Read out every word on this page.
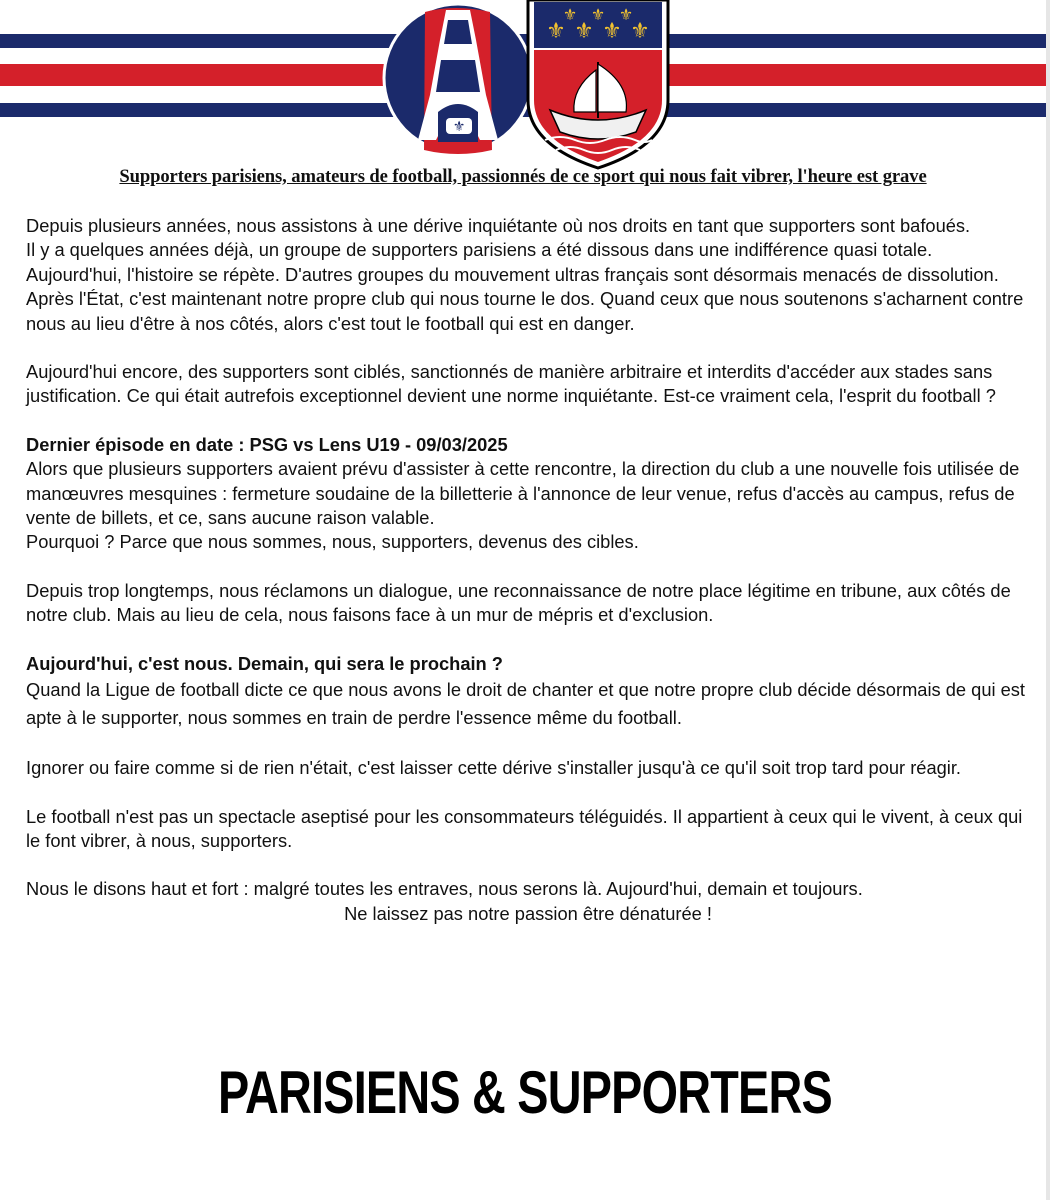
⚜
⚜ ⚜ ⚜ ⚜
⚜ ⚜ ⚜
Supporters parisiens, amateurs de football, passionnés de ce sport qui nous fait vibrer, l'heure est grave

Depuis plusieurs années, nous assistons à une dérive inquiétante où nos droits en tant que supporters sont bafoués.

Il y a quelques années déjà, un groupe de supporters parisiens a été dissous dans une indifférence quasi totale. Aujourd'hui, l'histoire se répète. D'autres groupes du mouvement ultras français sont désormais menacés de dissolution. Après l'État, c'est maintenant notre propre club qui nous tourne le dos. Quand ceux que nous soutenons s'acharnent contre nous au lieu d'être à nos côtés, alors c'est tout le football qui est en danger.

Aujourd'hui encore, des supporters sont ciblés, sanctionnés de manière arbitraire et interdits d'accéder aux stades sans justification. Ce qui était autrefois exceptionnel devient une norme inquiétante. Est-ce vraiment cela, l'esprit du football ?

Dernier épisode en date : PSG vs Lens U19 - 09/03/2025

Alors que plusieurs supporters avaient prévu d'assister à cette rencontre, la direction du club a une nouvelle fois utilisée de manœuvres mesquines : fermeture soudaine de la billetterie à l'annonce de leur venue, refus d'accès au campus, refus de vente de billets, et ce, sans aucune raison valable.

Pourquoi ? Parce que nous sommes, nous, supporters, devenus des cibles.

Depuis trop longtemps, nous réclamons un dialogue, une reconnaissance de notre place légitime en tribune, aux côtés de notre club. Mais au lieu de cela, nous faisons face à un mur de mépris et d'exclusion.

Aujourd'hui, c'est nous. Demain, qui sera le prochain ?

Quand la Ligue de football dicte ce que nous avons le droit de chanter et que notre propre club décide désormais de qui est apte à le supporter, nous sommes en train de perdre l'essence même du football.

Ignorer ou faire comme si de rien n'était, c'est laisser cette dérive s'installer jusqu'à ce qu'il soit trop tard pour réagir.

Le football n'est pas un spectacle aseptisé pour les consommateurs téléguidés. Il appartient à ceux qui le vivent, à ceux qui le font vibrer, à nous, supporters.

Nous le disons haut et fort : malgré toutes les entraves, nous serons là. Aujourd'hui, demain et toujours.

Ne laissez pas notre passion être dénaturée !

PARISIENS & SUPPORTERS
